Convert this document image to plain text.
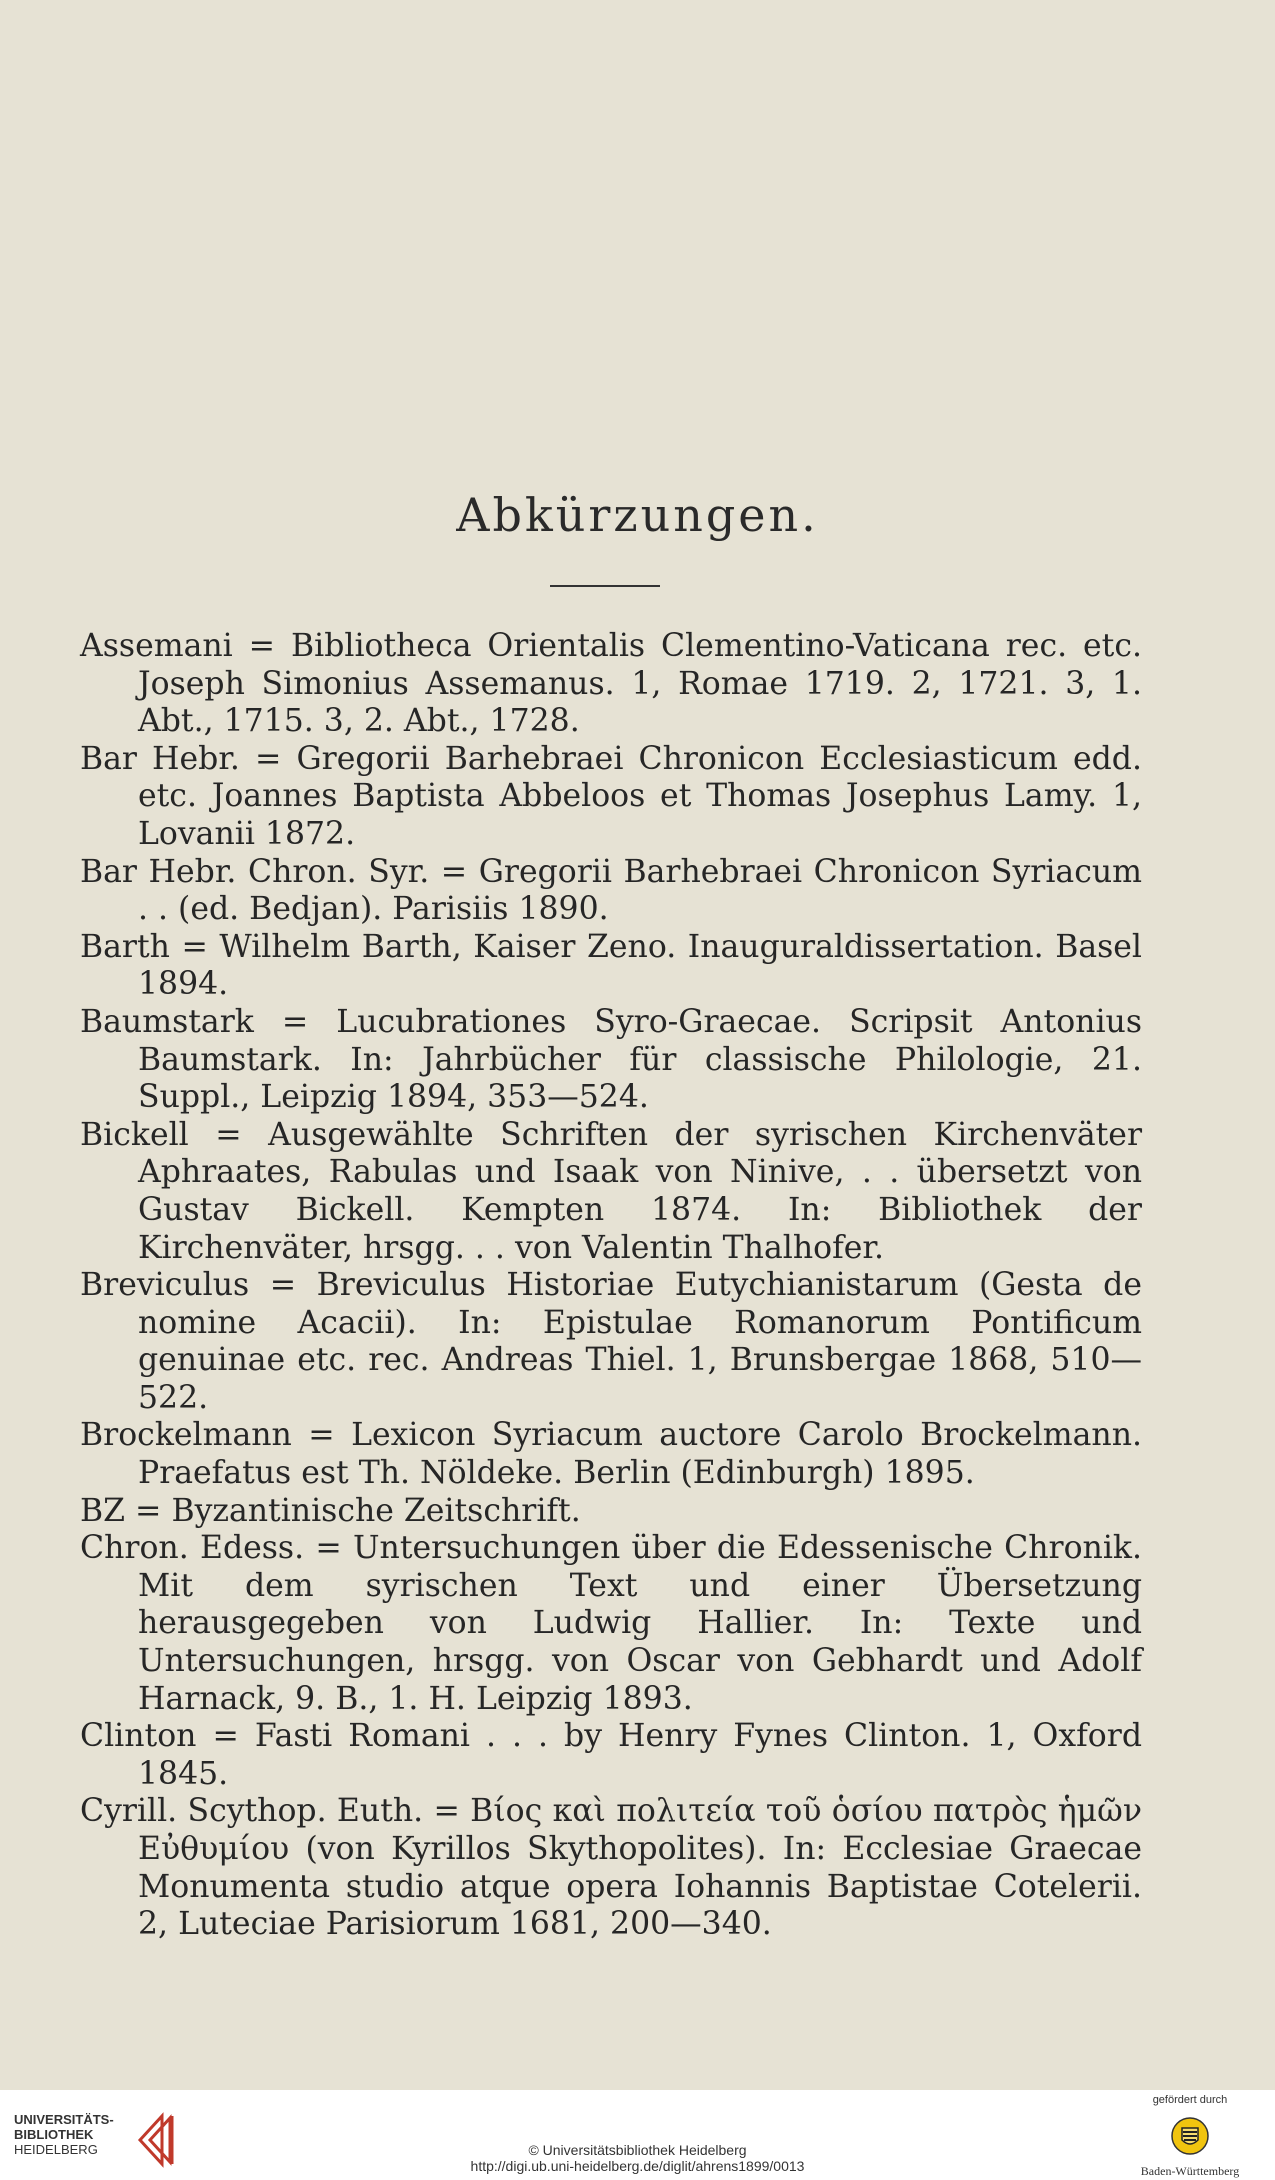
Abkürzungen.

Assemani = Bibliotheca Orientalis Clementino-Vaticana rec. etc. Joseph Simonius Assemanus. 1, Romae 1719. 2, 1721. 3, 1. Abt., 1715. 3, 2. Abt., 1728.

Bar Hebr. = Gregorii Barhebraei Chronicon Ecclesiasticum edd. etc. Joannes Baptista Abbeloos et Thomas Josephus Lamy. 1, Lovanii 1872.

Bar Hebr. Chron. Syr. = Gregorii Barhebraei Chronicon Syriacum . . (ed. Bedjan). Parisiis 1890.

Barth = Wilhelm Barth, Kaiser Zeno. Inauguraldissertation. Basel 1894.

Baumstark = Lucubrationes Syro-Graecae. Scripsit Antonius Baumstark. In: Jahrbücher für classische Philologie, 21. Suppl., Leipzig 1894, 353—524.

Bickell = Ausgewählte Schriften der syrischen Kirchenväter Aphraates, Rabulas und Isaak von Ninive, . . übersetzt von Gustav Bickell. Kempten 1874. In: Bibliothek der Kirchenväter, hrsgg. . . von Valentin Thalhofer.

Breviculus = Breviculus Historiae Eutychianistarum (Gesta de nomine Acacii). In: Epistulae Romanorum Pontificum genuinae etc. rec. Andreas Thiel. 1, Brunsbergae 1868, 510—522.

Brockelmann = Lexicon Syriacum auctore Carolo Brockelmann. Praefatus est Th. Nöldeke. Berlin (Edinburgh) 1895.

BZ = Byzantinische Zeitschrift.

Chron. Edess. = Untersuchungen über die Edessenische Chronik. Mit dem syrischen Text und einer Übersetzung herausgegeben von Ludwig Hallier. In: Texte und Untersuchungen, hrsgg. von Oscar von Gebhardt und Adolf Harnack, 9. B., 1. H. Leipzig 1893.

Clinton = Fasti Romani . . . by Henry Fynes Clinton. 1, Oxford 1845.

Cyrill. Scythop. Euth. = Βίος καὶ πολιτεία τοῦ ὁσίου πατρὸς ἡμῶν Εὐθυμίου (von Kyrillos Skythopolites). In: Ecclesiae Graecae Monumenta studio atque opera Iohannis Baptistae Cotelerii. 2, Luteciae Parisiorum 1681, 200—340.

UNIVERSITÄTS-
BIBLIOTHEK
HEIDELBERG	© Universitätsbibliothek Heidelberg
http://digi.ub.uni-heidelberg.de/diglit/ahrens1899/0013
gefördert durch
Baden-Württemberg
